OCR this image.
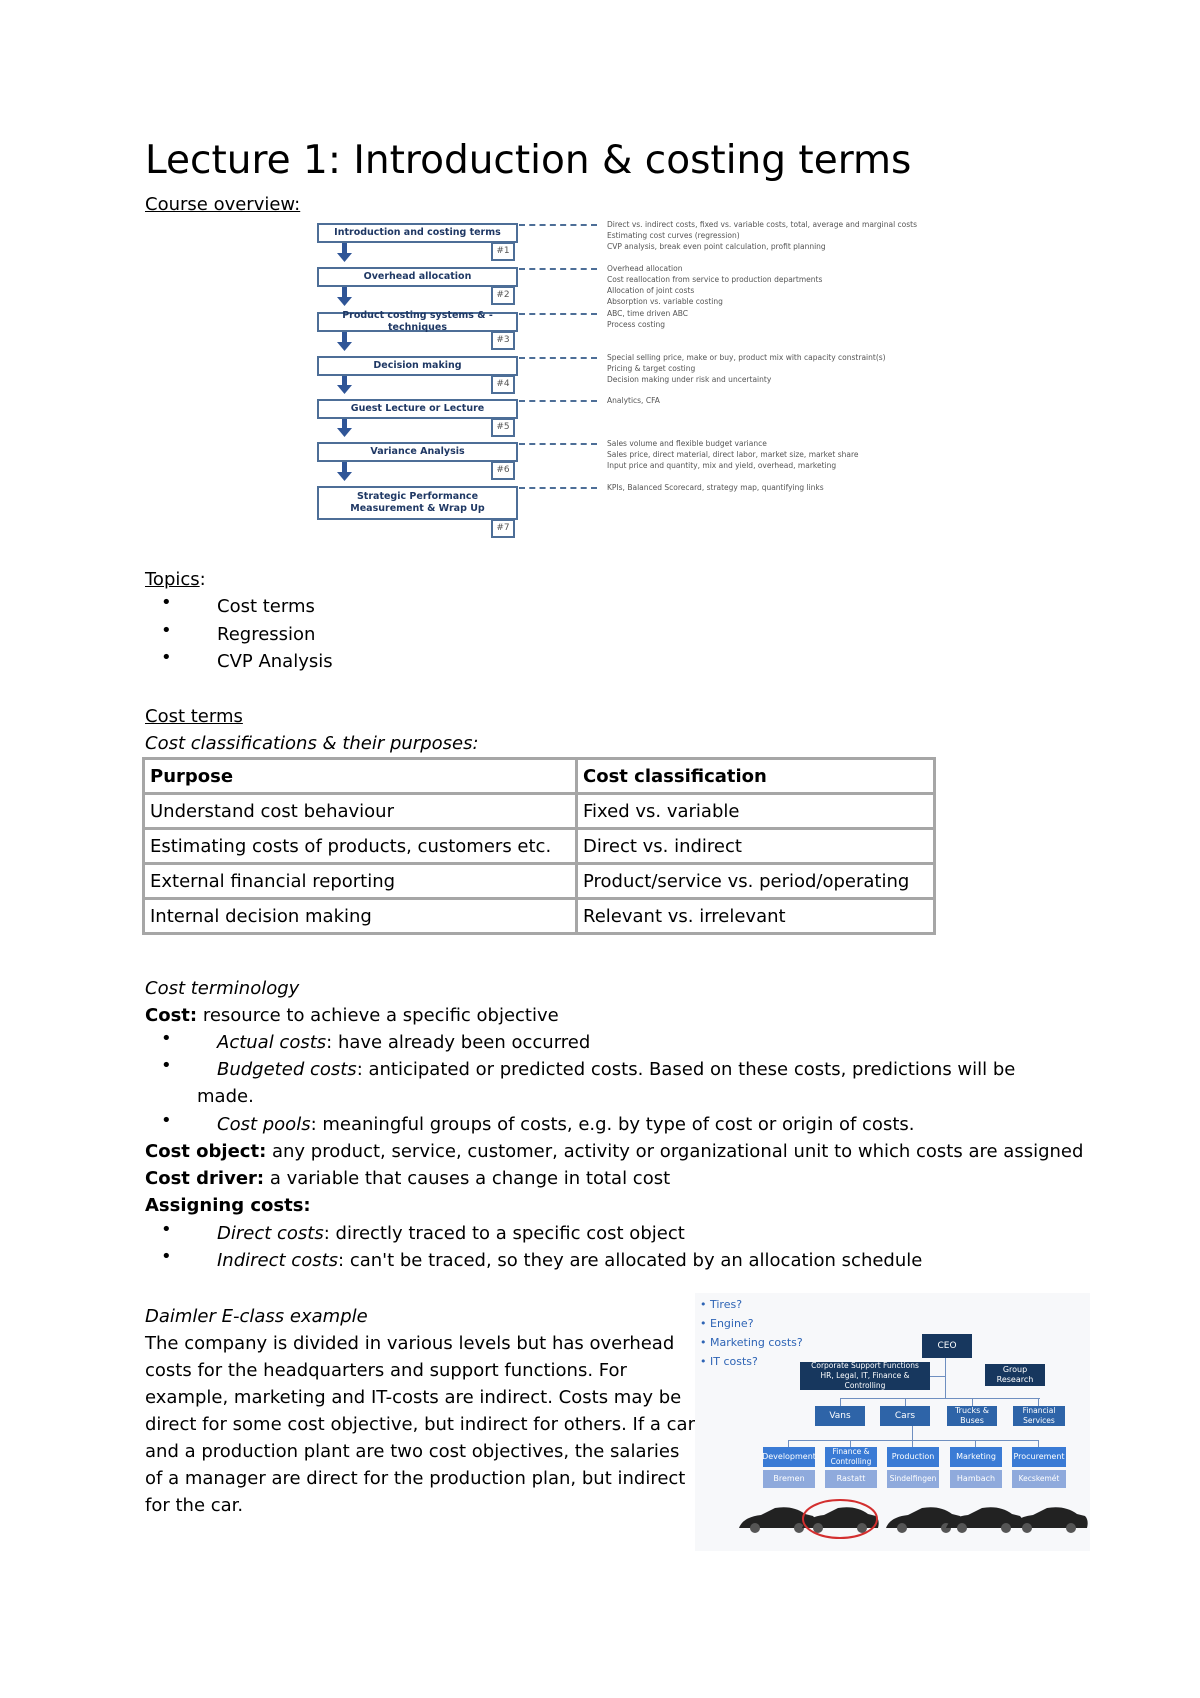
Lecture 1: Introduction & costing terms
Course overview:
Introduction and costing terms
#1
Overhead allocation
#2
Product costing systems & -techniques
#3
Decision making
#4
Guest Lecture or Lecture
#5
Variance Analysis
#6
Strategic Performance Measurement & Wrap Up
#7
Direct vs. indirect costs, fixed vs. variable costs, total, average and marginal costs
Estimating cost curves (regression)
CVP analysis, break even point calculation, profit planning
Overhead allocation
Cost reallocation from service to production departments
Allocation of joint costs
Absorption vs. variable costing
ABC, time driven ABC
Process costing
Special selling price, make or buy, product mix with capacity constraint(s)
Pricing & target costing
Decision making under risk and uncertainty
Analytics, CFA
Sales volume and flexible budget variance
Sales price, direct material, direct labor, market size, market share
Input price and quantity, mix and yield, overhead, marketing
KPIs, Balanced Scorecard, strategy map, quantifying links
Topics:
•	Cost terms
•	Regression
•	CVP Analysis
Cost terms
Cost classifications & their purposes:
Purpose	Cost classification
Understand cost behaviour	Fixed vs. variable
Estimating costs of products, customers etc.	Direct vs. indirect
External financial reporting	Product/service vs. period/operating
Internal decision making	Relevant vs. irrelevant
Cost terminology
Cost: resource to achieve a specific objective
•	Actual costs: have already been occurred
•	Budgeted costs: anticipated or predicted costs. Based on these costs, predictions will be
made.
•	Cost pools: meaningful groups of costs, e.g. by type of cost or origin of costs.
Cost object: any product, service, customer, activity or organizational unit to which costs are assigned
Cost driver: a variable that causes a change in total cost
Assigning costs:
•	Direct costs: directly traced to a specific cost object
•	Indirect costs: can't be traced, so they are allocated by an allocation schedule
Daimler E-class example
The company is divided in various levels but has overhead
costs for the headquarters and support functions. For
example, marketing and IT-costs are indirect. Costs may be
direct for some cost objective, but indirect for others. If a car
and a production plant are two cost objectives, the salaries
of a manager are direct for the production plan, but indirect
for the car.
• Tires?
• Engine?
• Marketing costs?
• IT costs?
CEO
Corporate Support Functions
HR, Legal, IT, Finance & Controlling
Group Research
Vans	Cars
Trucks & Buses
Financial Services
Development
Finance & Controlling
Production	Marketing	Procurement
Bremen	Rastatt	Sindelfingen	Hambach	Kecskemét
